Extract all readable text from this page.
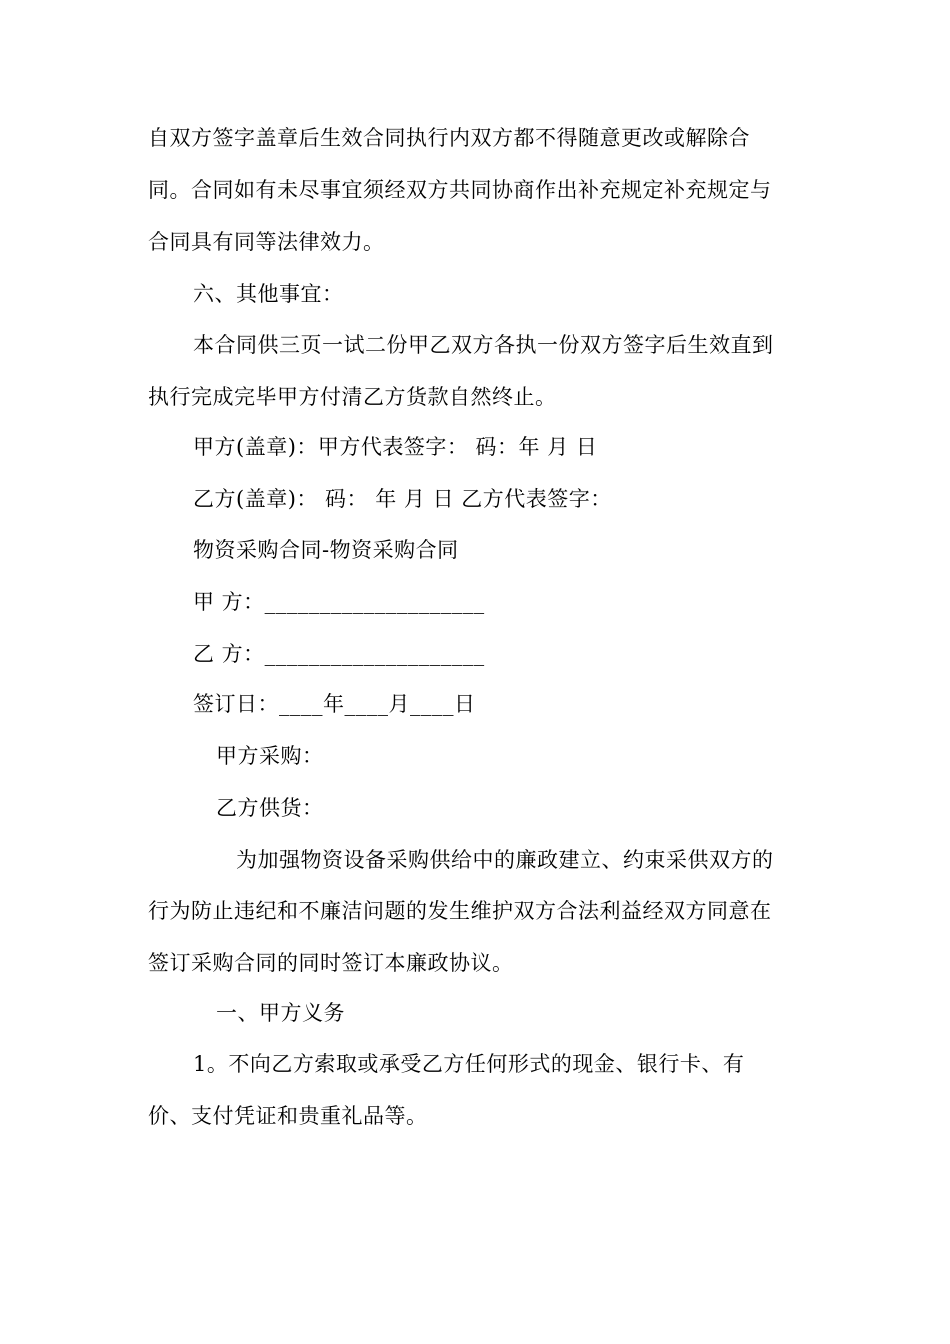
自双方签字盖章后生效合同执行内双方都不得随意更改或解除合
同。合同如有未尽事宜须经双方共同协商作出补充规定补充规定与
合同具有同等法律效力。
六、其他事宜：
本合同供三页一试二份甲乙双方各执一份双方签字后生效直到
执行完成完毕甲方付清乙方货款自然终止。
甲方(盖章)：甲方代表签字： 码：年 月 日
乙方(盖章)： 码： 年 月 日 乙方代表签字：
物资采购合同-物资采购合同
甲 方：____________________
乙 方：____________________
签订日：____年____月____日
甲方采购：
乙方供货：
为加强物资设备采购供给中的廉政建立、约束采供双方的
行为防止违纪和不廉洁问题的发生维护双方合法利益经双方同意在
签订采购合同的同时签订本廉政协议。
一、甲方义务
1。不向乙方索取或承受乙方任何形式的现金、银行卡、有
价、支付凭证和贵重礼品等。
